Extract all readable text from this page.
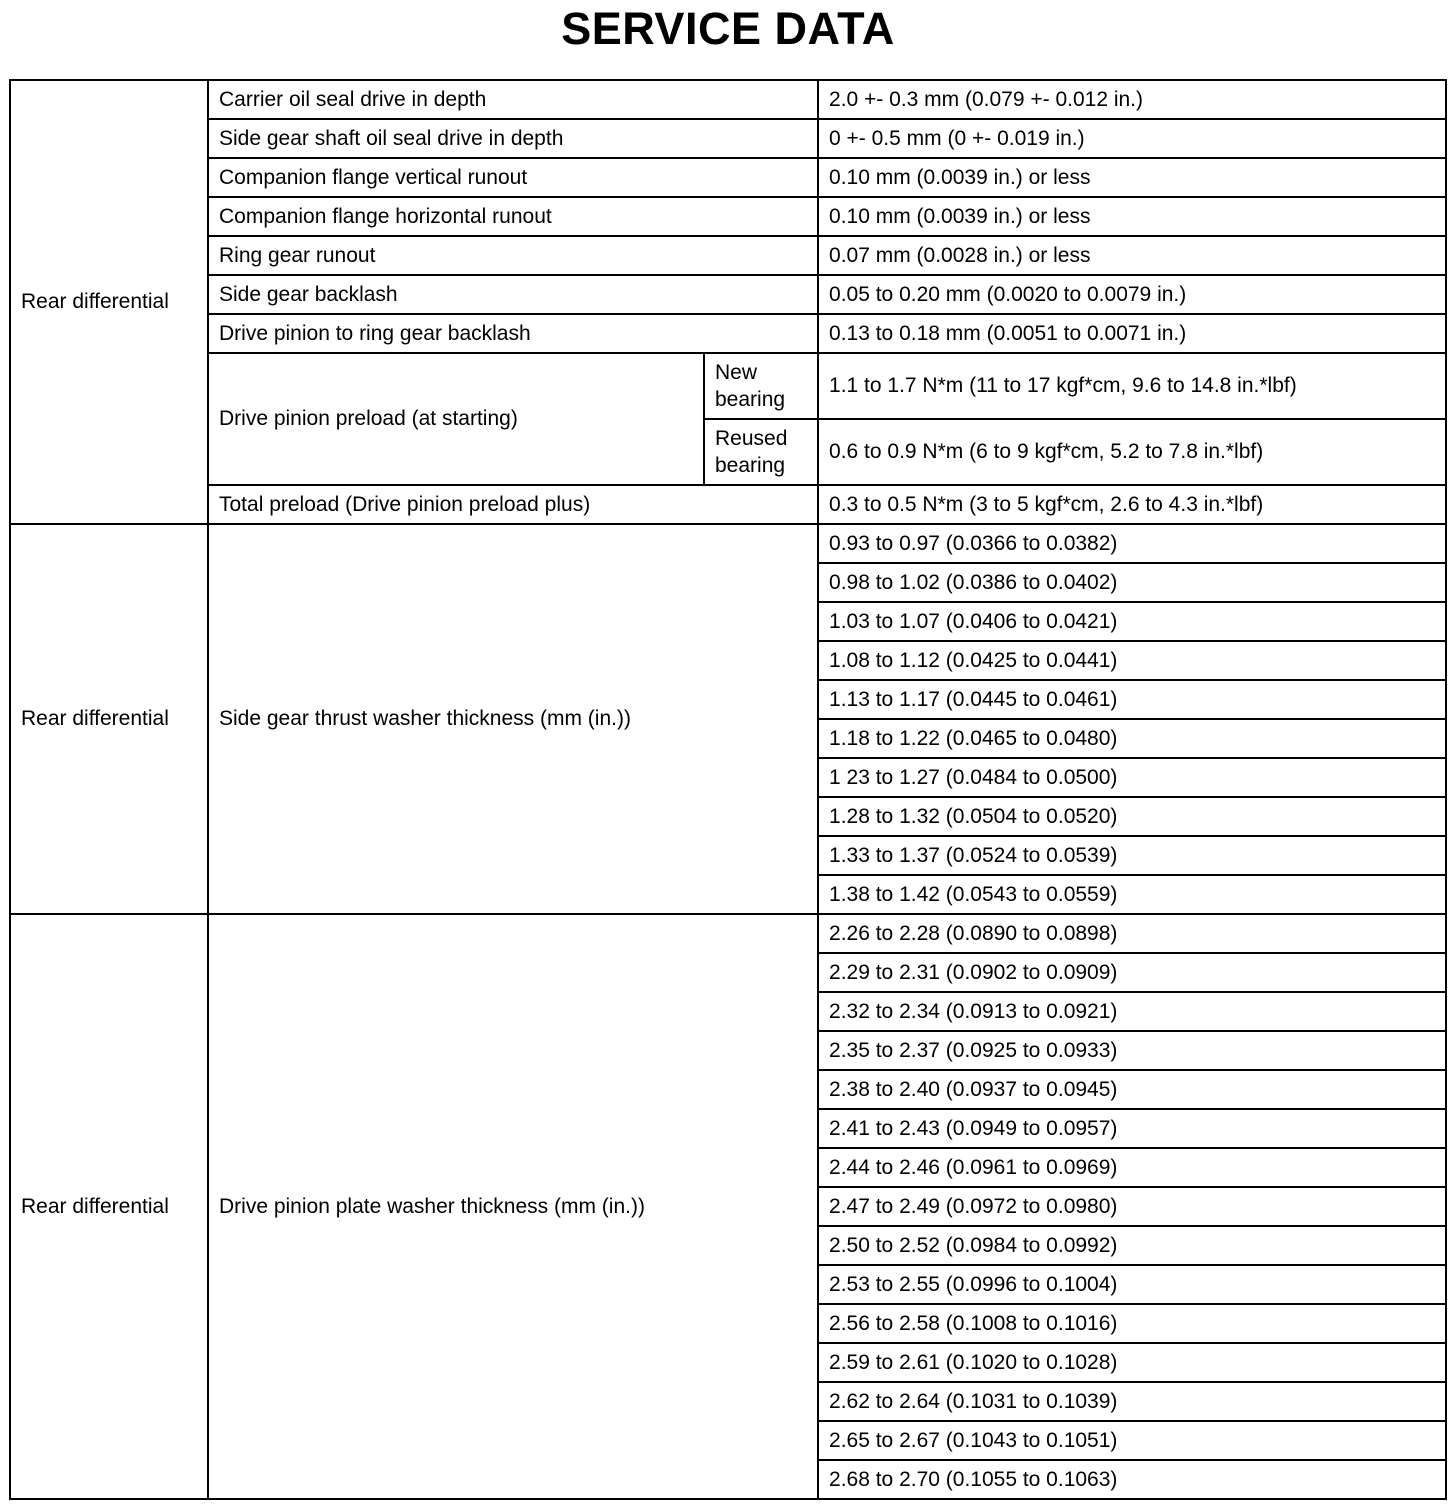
SERVICE DATA
Rear differential	Carrier oil seal drive in depth		2.0 +- 0.3 mm (0.079 +- 0.012 in.)
	Side gear shaft oil seal drive in depth		0 +- 0.5 mm (0 +- 0.019 in.)
	Companion flange vertical runout		0.10 mm (0.0039 in.) or less
	Companion flange horizontal runout		0.10 mm (0.0039 in.) or less
	Ring gear runout		0.07 mm (0.0028 in.) or less
	Side gear backlash		0.05 to 0.20 mm (0.0020 to 0.0079 in.)
	Drive pinion to ring gear backlash		0.13 to 0.18 mm (0.0051 to 0.0071 in.)
	Drive pinion preload (at starting)	New bearing	1.1 to 1.7 N*m (11 to 17 kgf*cm, 9.6 to 14.8 in.*lbf)
		Reused bearing	0.6 to 0.9 N*m (6 to 9 kgf*cm, 5.2 to 7.8 in.*lbf)
	Total preload (Drive pinion preload plus)		0.3 to 0.5 N*m (3 to 5 kgf*cm, 2.6 to 4.3 in.*lbf)
Rear differential	Side gear thrust washer thickness (mm (in.))		0.93 to 0.97 (0.0366 to 0.0382)
			0.98 to 1.02 (0.0386 to 0.0402)
			1.03 to 1.07 (0.0406 to 0.0421)
			1.08 to 1.12 (0.0425 to 0.0441)
			1.13 to 1.17 (0.0445 to 0.0461)
			1.18 to 1.22 (0.0465 to 0.0480)
			1 23 to 1.27 (0.0484 to 0.0500)
			1.28 to 1.32 (0.0504 to 0.0520)
			1.33 to 1.37 (0.0524 to 0.0539)
			1.38 to 1.42 (0.0543 to 0.0559)
Rear differential	Drive pinion plate washer thickness (mm (in.))		2.26 to 2.28 (0.0890 to 0.0898)
			2.29 to 2.31 (0.0902 to 0.0909)
			2.32 to 2.34 (0.0913 to 0.0921)
			2.35 to 2.37 (0.0925 to 0.0933)
			2.38 to 2.40 (0.0937 to 0.0945)
			2.41 to 2.43 (0.0949 to 0.0957)
			2.44 to 2.46 (0.0961 to 0.0969)
			2.47 to 2.49 (0.0972 to 0.0980)
			2.50 to 2.52 (0.0984 to 0.0992)
			2.53 to 2.55 (0.0996 to 0.1004)
			2.56 to 2.58 (0.1008 to 0.1016)
			2.59 to 2.61 (0.1020 to 0.1028)
			2.62 to 2.64 (0.1031 to 0.1039)
			2.65 to 2.67 (0.1043 to 0.1051)
			2.68 to 2.70 (0.1055 to 0.1063)
